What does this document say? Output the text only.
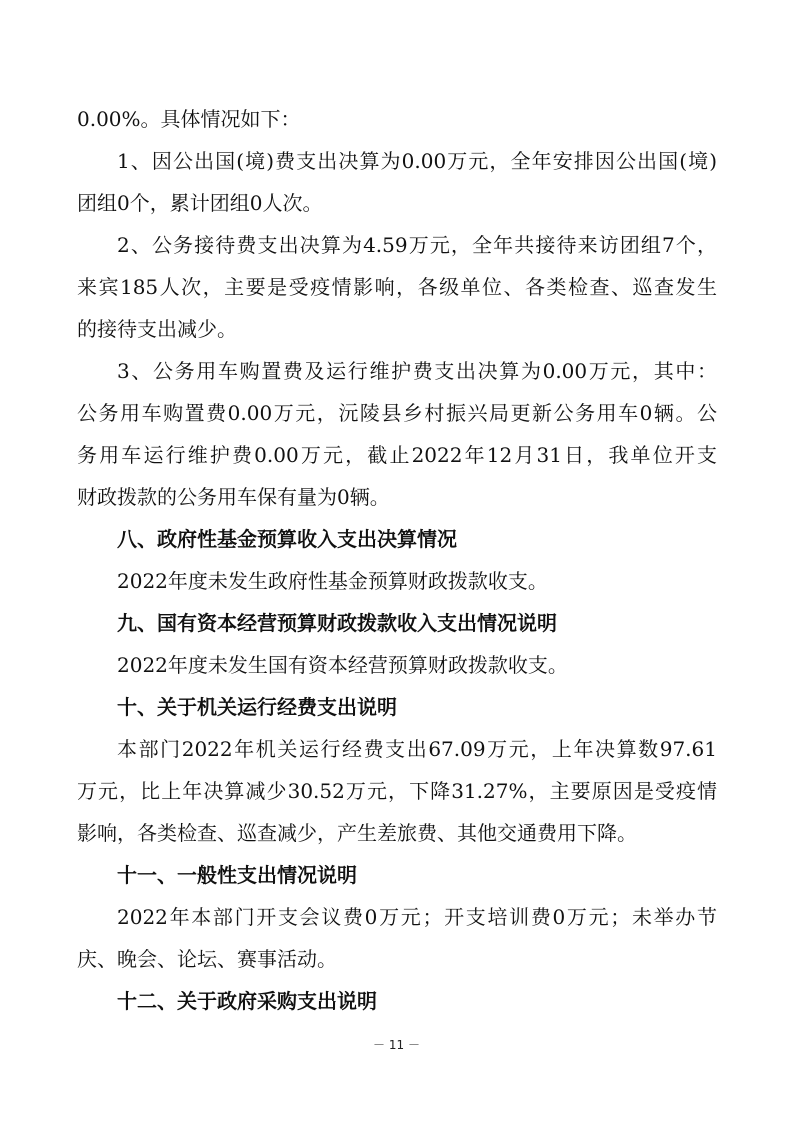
0.00%。具体情况如下：
1、因公出国(境)费支出决算为0.00万元，全年安排因公出国(境)
团组0个，累计团组0人次。
2、公务接待费支出决算为4.59万元，全年共接待来访团组7个，
来宾185人次，主要是受疫情影响，各级单位、各类检查、巡查发生
的接待支出减少。
3、公务用车购置费及运行维护费支出决算为0.00万元，其中：
公务用车购置费0.00万元，沅陵县乡村振兴局更新公务用车0辆。公
务用车运行维护费0.00万元，截止2022年12月31日，我单位开支
财政拨款的公务用车保有量为0辆。
八、政府性基金预算收入支出决算情况
2022年度未发生政府性基金预算财政拨款收支。
九、国有资本经营预算财政拨款收入支出情况说明
2022年度未发生国有资本经营预算财政拨款收支。
十、关于机关运行经费支出说明
本部门2022年机关运行经费支出67.09万元，上年决算数97.61
万元，比上年决算减少30.52万元，下降31.27%，主要原因是受疫情
影响，各类检查、巡查减少，产生差旅费、其他交通费用下降。
十一、一般性支出情况说明
2022年本部门开支会议费0万元；开支培训费0万元；未举办节
庆、晚会、论坛、赛事活动。
十二、关于政府采购支出说明
－ 11 －
